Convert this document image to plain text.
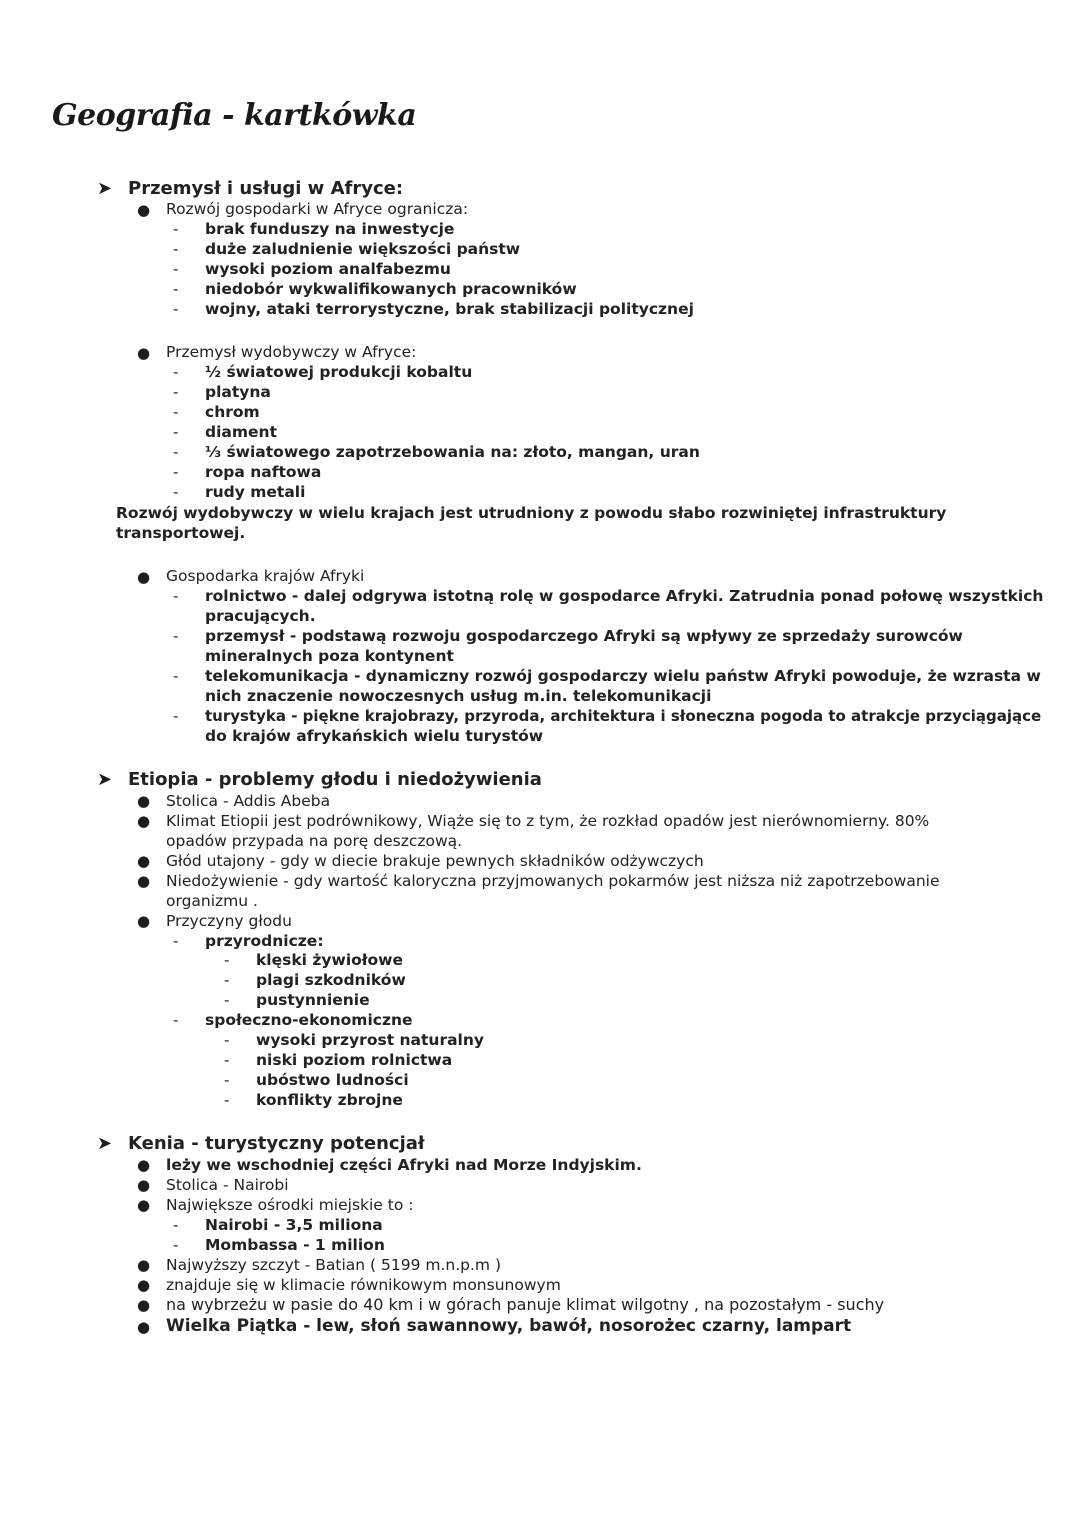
Geografia - kartkówka
➤ Przemysł i usługi w Afryce:
● Rozwój gospodarki w Afryce ogranicza:
- brak funduszy na inwestycje
- duże zaludnienie większości państw
- wysoki poziom analfabezmu
- niedobór wykwalifikowanych pracowników
- wojny, ataki terrorystyczne, brak stabilizacji politycznej
● Przemysł wydobywczy w Afryce:
- ½ światowej produkcji kobaltu
- platyna
- chrom
- diament
- ⅓ światowego zapotrzebowania na: złoto, mangan, uran
- ropa naftowa
- rudy metali
Rozwój wydobywczy w wielu krajach jest utrudniony z powodu słabo rozwiniętej infrastruktury
transportowej.
● Gospodarka krajów Afryki
- rolnictwo - dalej odgrywa istotną rolę w gospodarce Afryki. Zatrudnia ponad połowę wszystkich
pracujących.
- przemysł - podstawą rozwoju gospodarczego Afryki są wpływy ze sprzedaży surowców
mineralnych poza kontynent
- telekomunikacja - dynamiczny rozwój gospodarczy wielu państw Afryki powoduje, że wzrasta w
nich znaczenie nowoczesnych usług m.in. telekomunikacji
- turystyka - piękne krajobrazy, przyroda, architektura i słoneczna pogoda to atrakcje przyciągające
do krajów afrykańskich wielu turystów
➤ Etiopia - problemy głodu i niedożywienia
● Stolica - Addis Abeba
● Klimat Etiopii jest podrównikowy, Wiąże się to z tym, że rozkład opadów jest nierównomierny. 80%
opadów przypada na porę deszczową.
● Głód utajony - gdy w diecie brakuje pewnych składników odżywczych
● Niedożywienie - gdy wartość kaloryczna przyjmowanych pokarmów jest niższa niż zapotrzebowanie
organizmu .
● Przyczyny głodu
- przyrodnicze:
- klęski żywiołowe
- plagi szkodników
- pustynnienie
- społeczno-ekonomiczne
- wysoki przyrost naturalny
- niski poziom rolnictwa
- ubóstwo ludności
- konflikty zbrojne
➤ Kenia - turystyczny potencjał
● leży we wschodniej części Afryki nad Morze Indyjskim.
● Stolica - Nairobi
● Największe ośrodki miejskie to :
- Nairobi - 3,5 miliona
- Mombassa - 1 milion
● Najwyższy szczyt - Batian ( 5199 m.n.p.m )
● znajduje się w klimacie równikowym monsunowym
● na wybrzeżu w pasie do 40 km i w górach panuje klimat wilgotny , na pozostałym - suchy
● Wielka Piątka - lew, słoń sawannowy, bawół, nosorożec czarny, lampart
